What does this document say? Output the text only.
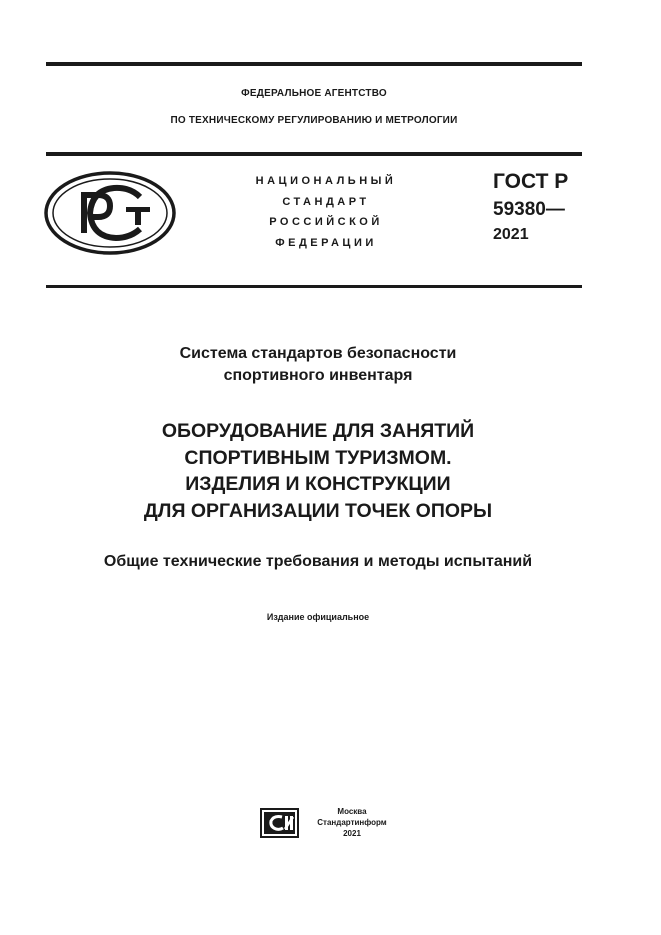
ФЕДЕРАЛЬНОЕ АГЕНТСТВО
ПО ТЕХНИЧЕСКОМУ РЕГУЛИРОВАНИЮ И МЕТРОЛОГИИ
НАЦИОНАЛЬНЫЙ
СТАНДАРТ
РОССИЙСКОЙ
ФЕДЕРАЦИИ
ГОСТ Р
59380—
2021
Система стандартов безопасности
спортивного инвентаря
ОБОРУДОВАНИЕ ДЛЯ ЗАНЯТИЙ
СПОРТИВНЫМ ТУРИЗМОМ.
ИЗДЕЛИЯ И КОНСТРУКЦИИ
ДЛЯ ОРГАНИЗАЦИИ ТОЧЕК ОПОРЫ
Общие технические требования и методы испытаний
Издание официальное
Москва
Стандартинформ
2021
